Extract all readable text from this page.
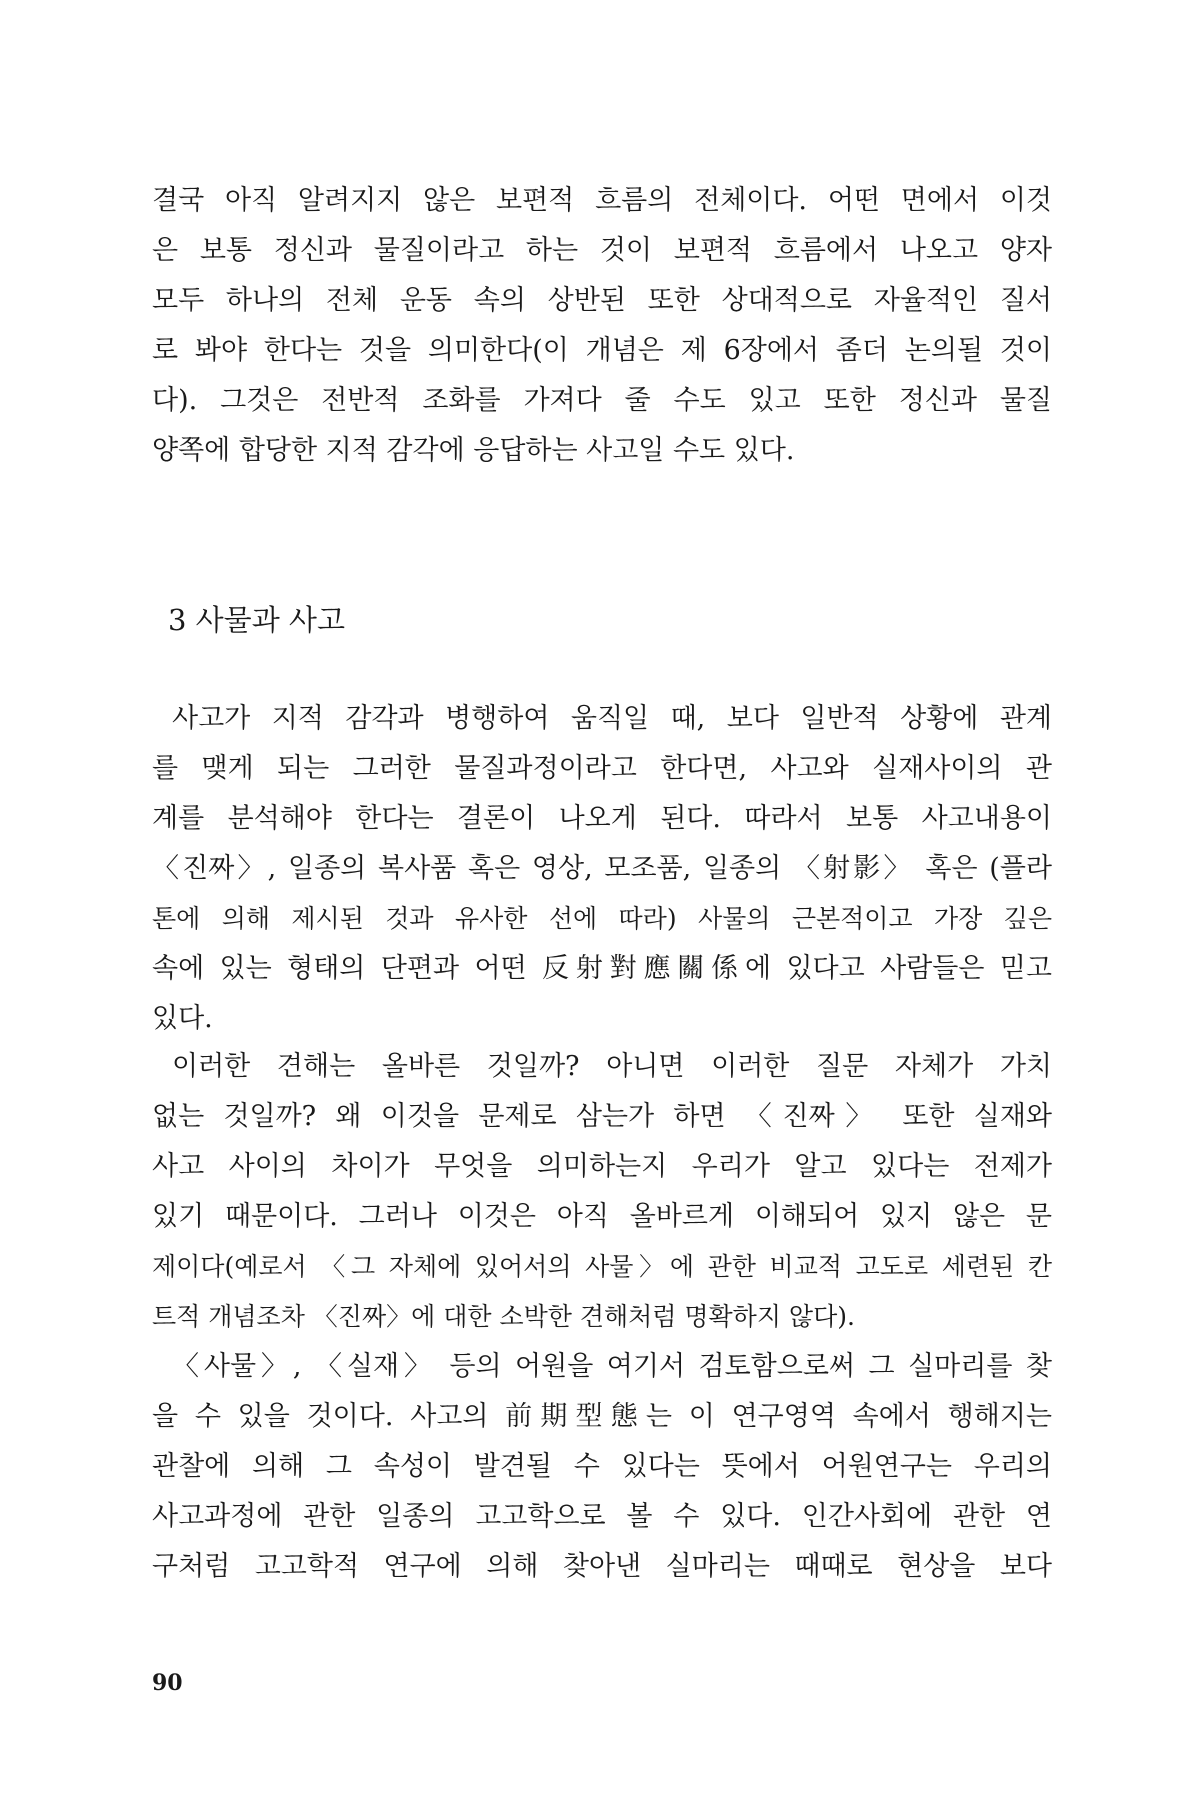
결국 아직 알려지지 않은 보편적 흐름의 전체이다. 어떤 면에서 이것
은 보통 정신과 물질이라고 하는 것이 보편적 흐름에서 나오고 양자
모두 하나의 전체 운동 속의 상반된 또한 상대적으로 자율적인 질서
로 봐야 한다는 것을 의미한다(이 개념은 제 6장에서 좀더 논의될 것이
다). 그것은 전반적 조화를 가져다 줄 수도 있고 또한 정신과 물질
양쪽에 합당한 지적 감각에 응답하는 사고일 수도 있다.
3 사물과 사고
사고가 지적 감각과 병행하여 움직일 때, 보다 일반적 상황에 관계
를 맺게 되는 그러한 물질과정이라고 한다면, 사고와 실재사이의 관
계를 분석해야 한다는 결론이 나오게 된다. 따라서 보통 사고내용이
〈진짜〉, 일종의 복사품 혹은 영상, 모조품, 일종의 〈射影〉 혹은 (플라
톤에 의해 제시된 것과 유사한 선에 따라) 사물의 근본적이고 가장 깊은
속에 있는 형태의 단편과 어떤 反射對應關係에 있다고 사람들은 믿고
있다.
이러한 견해는 올바른 것일까? 아니면 이러한 질문 자체가 가치
없는 것일까? 왜 이것을 문제로 삼는가 하면 〈진짜〉 또한 실재와
사고 사이의 차이가 무엇을 의미하는지 우리가 알고 있다는 전제가
있기 때문이다. 그러나 이것은 아직 올바르게 이해되어 있지 않은 문
제이다(예로서 〈그 자체에 있어서의 사물〉에 관한 비교적 고도로 세련된 칸
트적 개념조차 〈진짜〉에 대한 소박한 견해처럼 명확하지 않다).
〈사물〉, 〈실재〉 등의 어원을 여기서 검토함으로써 그 실마리를 찾
을 수 있을 것이다. 사고의 前期型態는 이 연구영역 속에서 행해지는
관찰에 의해 그 속성이 발견될 수 있다는 뜻에서 어원연구는 우리의
사고과정에 관한 일종의 고고학으로 볼 수 있다. 인간사회에 관한 연
구처럼 고고학적 연구에 의해 찾아낸 실마리는 때때로 현상을 보다
90
